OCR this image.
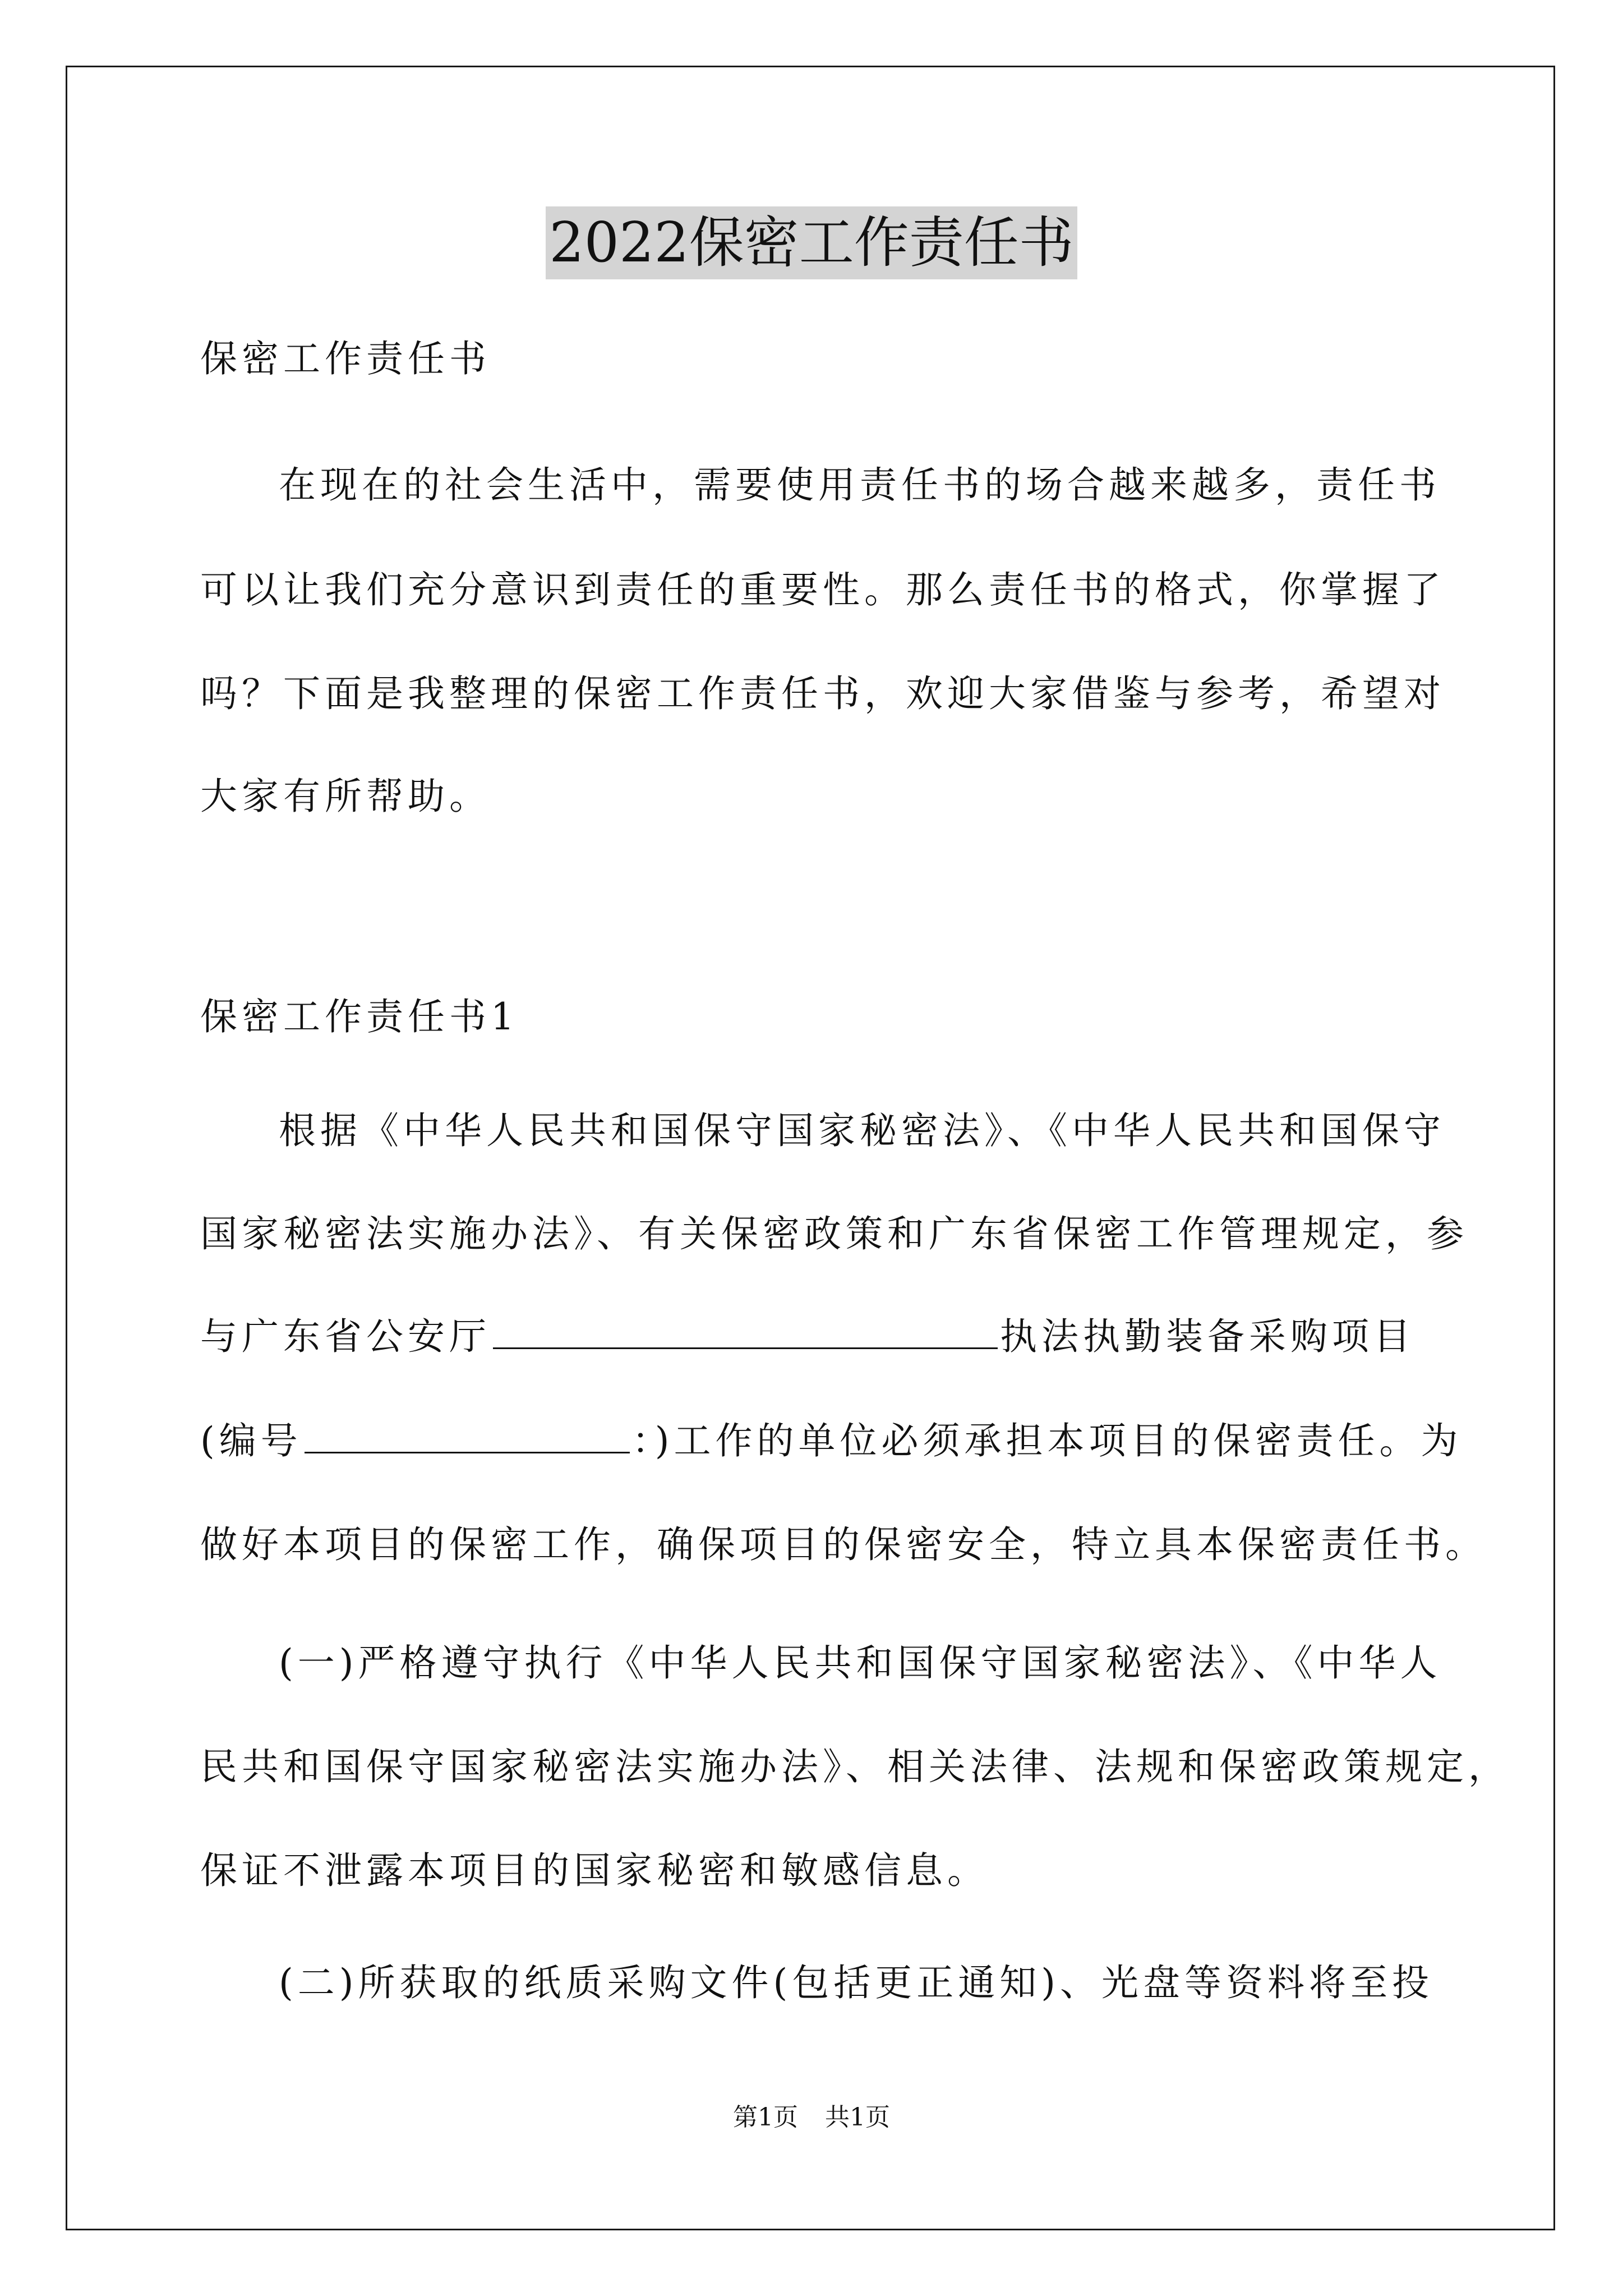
2022保密工作责任书
保密工作责任书
在现在的社会生活中，需要使用责任书的场合越来越多，责任书
可以让我们充分意识到责任的重要性。那么责任书的格式，你掌握了
吗？下面是我整理的保密工作责任书，欢迎大家借鉴与参考，希望对
大家有所帮助。
保密工作责任书1
根据《中华人民共和国保守国家秘密法》、《中华人民共和国保守
国家秘密法实施办法》、有关保密政策和广东省保密工作管理规定，参
与广东省公安厅	执法执勤装备采购项目
(编号	：)工作的单位必须承担本项目的保密责任。为
做好本项目的保密工作，确保项目的保密安全，特立具本保密责任书。
(一)严格遵守执行《中华人民共和国保守国家秘密法》、《中华人
民共和国保守国家秘密法实施办法》、相关法律、法规和保密政策规定，
保证不泄露本项目的国家秘密和敏感信息。
(二)所获取的纸质采购文件(包括更正通知)、光盘等资料将至投
第1页 共1页
